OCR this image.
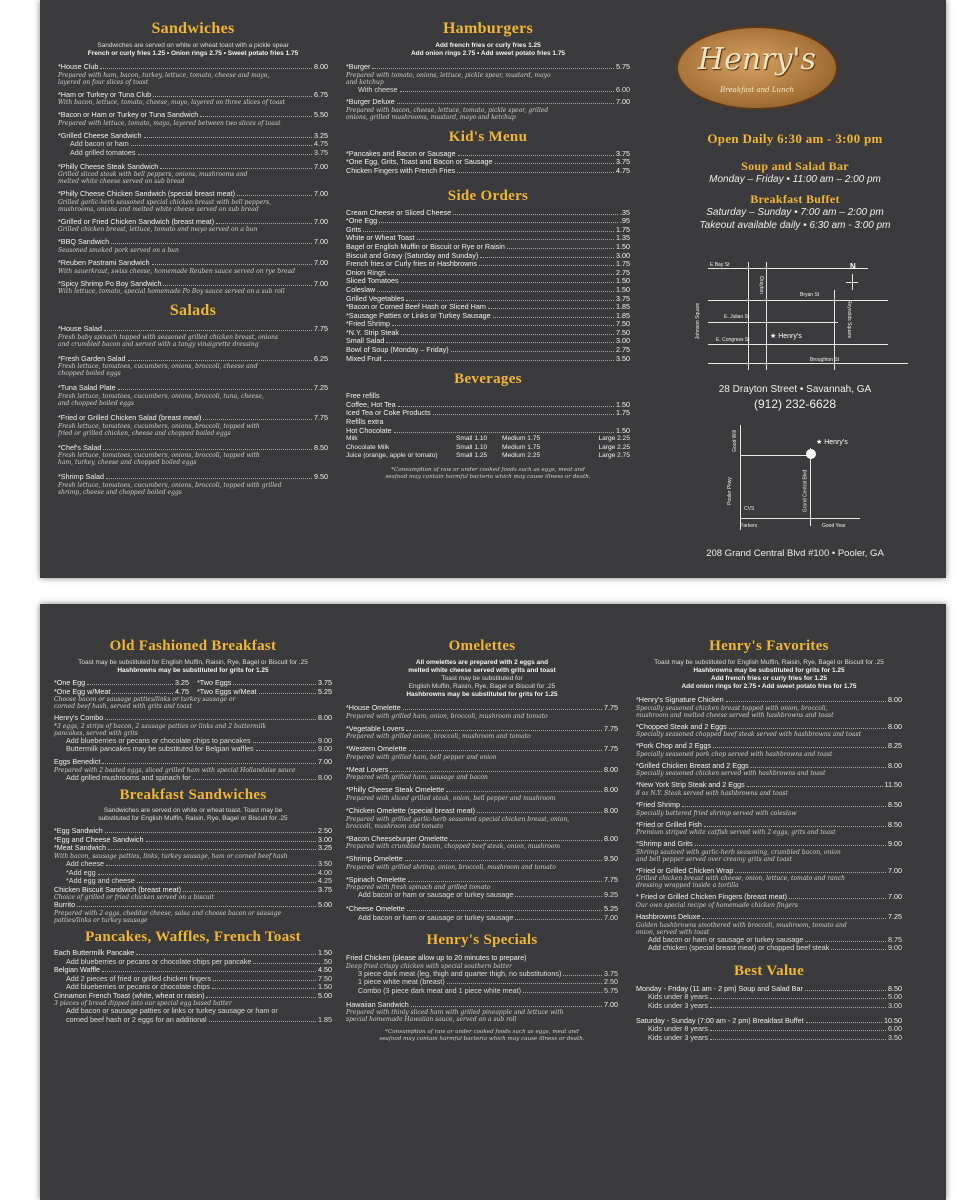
Sandwiches
Sandwiches are served on white or wheat toast with a pickle spear
French or curly fries 1.25 • Onion rings 2.75 • Sweet potato fries 1.75
*House Club	8.00
Prepared with ham, bacon, turkey, lettuce, tomato, cheese and mayo,
layered on four slices of toast
*Ham or Turkey or Tuna Club	6.75
With bacon, lettuce, tomato, cheese, mayo, layered on three slices of toast
*Bacon or Ham or Turkey or Tuna Sandwich	5.50
Prepared with lettuce, tomato, mayo, layered between two slices of toast
*Grilled Cheese Sandwich	3.25
Add bacon or ham	4.75
Add grilled tomatoes	3.75
*Philly Cheese Steak Sandwich	7.00
Grilled sliced steak with bell peppers, onions, mushrooms and
melted white cheese served on sub bread
*Philly Cheese Chicken Sandwich (special breast meat)	7.00
Grilled garlic-herb seasoned special chicken breast with bell peppers,
mushrooms, onions and melted white cheese served on sub bread
*Grilled or Fried Chicken Sandwich (breast meat)	7.00
Grilled chicken breast, lettuce, tomato and mayo served on a bun
*BBQ Sandwich	7.00
Seasoned smoked pork served on a bun
*Reuben Pastrami Sandwich	7.00
With sauerkraut, swiss cheese, homemade Reuben sauce served on rye bread
*Spicy Shrimp Po Boy Sandwich	7.00
With lettuce, tomato, special homemade Po Boy sauce served on a sub roll
Salads
*House Salad	7.75
Fresh baby spinach topped with seasoned grilled chicken breast, onions
and crumbled bacon and served with a tangy vinaigrette dressing
*Fresh Garden Salad	6.25
Fresh lettuce, tomatoes, cucumbers, onions, broccoli, cheese and
chopped boiled eggs
*Tuna Salad Plate	7.25
Fresh lettuce, tomatoes, cucumbers, onions, broccoli, tuna, cheese,
and chopped boiled eggs
*Fried or Grilled Chicken Salad (breast meat)	7.75
Fresh lettuce, tomatoes, cucumbers, onions, broccoli, topped with
fried or grilled chicken, cheese and chopped boiled eggs
*Chef's Salad	8.50
Fresh lettuce, tomatoes, cucumbers, onions, broccoli, topped with
ham, turkey, cheese and chopped boiled eggs
*Shrimp Salad	9.50
Fresh lettuce, tomatoes, cucumbers, onions, broccoli, topped with grilled
shrimp, cheese and chopped boiled eggs
Hamburgers
Add french fries or curly fries 1.25
Add onion rings 2.75 • Add sweet potato fries 1.75
*Burger	5.75
Prepared with tomato, onions, lettuce, pickle spear, mustard, mayo
and ketchup
With cheese	6.00
*Burger Deluxe	7.00
Prepared with bacon, cheese, lettuce, tomato, pickle spear, grilled
onions, grilled mushrooms, mustard, mayo and ketchup
Kid's Menu
*Pancakes and Bacon or Sausage	3.75
*One Egg, Grits, Toast and Bacon or Sausage	3.75
Chicken Fingers with French Fries	4.75
Side Orders
Cream Cheese or Sliced Cheese	.35
*One Egg	.95
Grits	1.75
White or Wheat Toast	1.35
Bagel or English Muffin or Biscuit or Rye or Raisin	1.50
Biscuit and Gravy (Saturday and Sunday)	3.00
French fries or Curly fries or Hashbrowns	1.75
Onion Rings	2.75
Sliced Tomatoes	1.50
Coleslaw	1.50
Grilled Vegetables	3.75
*Bacon or Corned Beef Hash or Sliced Ham	1.85
*Sausage Patties or Links or Turkey Sausage	1.85
*Fried Shrimp	7.50
*N.Y. Strip Steak	7.50
Small Salad	3.00
Bowl of Soup (Monday – Friday)	2.75
Mixed Fruit	3.50
Beverages
Free refills
Coffee, Hot Tea	1.50
Iced Tea or Coke Products	1.75
Refills extra
Hot Chocolate	1.50
Milk	Small 1.10	Medium 1.75	Large 2.25
Chocolate Milk	Small 1.10	Medium 1.75	Large 2.25
Juice (orange, apple or tomato)	Small 1.25	Medium 2.25	Large 2.75
*Consumption of raw or under cooked foods such as eggs, meat and
seafood may contain harmful bacteria which may cause illness or death.
Henry's
Breakfast and Lunch
Open Daily 6:30 am - 3:00 pm
Soup and Salad Bar
Monday – Friday • 11:00 am – 2:00 pm
Breakfast Buffet
Saturday – Sunday • 7:00 am – 2:00 pm
Takeout available daily • 6:30 am - 3:00 pm
E Bay St
Bryan St
E. Julian St
E. Congress St
Broughton St
Drayton
Johnson Square	Reynolds Square
★ Henry's
N
28 Drayton Street • Savannah, GA
(912) 232-6628
Good Will
Pooler Pkwy	Grand Central Blvd
CVS
Parkers	Good Year
★ Henry's
208 Grand Central Blvd #100 • Pooler, GA
Old Fashioned Breakfast
Toast may be substituted for English Muffin, Raisin, Rye, Bagel or Biscuit for .25
Hashbrowns may be substituted for grits for 1.25
*One Egg	3.25 *Two Eggs	3.75
*One Egg w/Meat	4.75 *Two Eggs w/Meat	5.25
Choose bacon or sausage patties/links or turkey sausage or
corned beef hash, served with grits and toast
Henry's Combo	8.00
*3 eggs, 2 strips of bacon, 2 sausage patties or links and 2 buttermilk
pancakes, served with grits
Add blueberries or pecans or chocolate chips to pancakes	9.00
Buttermilk pancakes may be substituted for Belgian waffles	9.00
Eggs Benedict	7.00
Prepared with 2 basted eggs, sliced grilled ham with special Hollandaise sauce
Add grilled mushrooms and spinach for	8.00
Breakfast Sandwiches
Sandwiches are served on white or wheat toast. Toast may be
substituted for English Muffin, Raisin, Rye, Bagel or Biscuit for .25
*Egg Sandwich	2.50
*Egg and Cheese Sandwich	3.00
*Meat Sandwich	3.25
With bacon, sausage patties, links, turkey sausage, ham or corned beef hash
Add cheese	3.50
*Add egg	4.00
*Add egg and cheese	4.25
Chicken Biscuit Sandwich (breast meat)	3.75
Choice of grilled or fried chicken served on a biscuit
Burrito	5.00
Prepared with 2 eggs, cheddar cheese, salsa and choose bacon or sausage
patties/links or turkey sausage
Pancakes, Waffles, French Toast
Each Buttermilk Pancake	1.50
Add blueberries or pecans or chocolate chips per pancake	.50
Belgian Waffle	4.50
Add 2 pieces of fried or grilled chicken fingers	7.50
Add blueberries or pecans or chocolate chips	1.50
Cinnamon French Toast (white, wheat or raisin)	5.00
3 pieces of bread dipped into our special egg based batter
Add bacon or sausage patties or links or turkey sausage or ham or
corned beef hash or 2 eggs for an additional	1.85
Omelettes
All omelettes are prepared with 2 eggs and
melted white cheese served with grits and toast
Toast may be substituted for
English Muffin, Raisin, Rye, Bagel or Biscuit for .25
Hashbrowns may be substituted for grits for 1.25
*House Omelette	7.75
Prepared with grilled ham, onion, broccoli, mushroom and tomato
*Vegetable Lovers	7.75
Prepared with grilled onion, broccoli, mushroom and tomato
*Western Omelette	7.75
Prepared with grilled ham, bell pepper and onion
*Meat Lovers	8.00
Prepared with grilled ham, sausage and bacon
*Philly Cheese Steak Omelette	8.00
Prepared with sliced grilled steak, onion, bell pepper and mushroom
*Chicken Omelette (special breast meat)	8.00
Prepared with grilled garlic-herb seasoned special chicken breast, onion,
broccoli, mushroom and tomato
*Bacon Cheeseburger Omelette	8.00
Prepared with crumbled bacon, chopped beef steak, onion, mushroom
*Shrimp Omelette	9.50
Prepared with grilled shrimp, onion, broccoli, mushroom and tomato
*Spinach Omelette	7.75
Prepared with fresh spinach and grilled tomato
Add bacon or ham or sausage or turkey sausage	9.25
*Cheese Omelette	5.25
Add bacon or ham or sausage or turkey sausage	7.00
Henry's Specials
Fried Chicken (please allow up to 20 minutes to prepare)
Deep fried crispy chicken with special southern batter
3 piece dark meat (leg, thigh and quarter thigh, no substitutions)	3.75
1 piece white meat (breast)	2.50
Combo (3 piece dark meat and 1 piece white meat)	5.75
Hawaiian Sandwich	7.00
Prepared with thinly sliced ham with grilled pineapple and lettuce with
special homemade Hawaiian sauce, served on a sub roll
*Consumption of raw or under cooked foods such as eggs, meat and
seafood may contain harmful bacteria which may cause illness or death.
Henry's Favorites
Toast may be substituted for English Muffin, Raisin, Rye, Bagel or Biscuit for .25
Hashbrowns may be substituted for grits for 1.25
Add french fries or curly fries for 1.25
Add onion rings for 2.75 • Add sweet potato fries for 1.75
*Henry's Signature Chicken	8.00
Specially seasoned chicken breast topped with onion, broccoli,
mushroom and melted cheese served with hashbrowns and toast
*Chopped Steak and 2 Eggs	8.00
Specially seasoned chopped beef steak served with hashbrowns and toast
*Pork Chop and 2 Eggs	8.25
Specially seasoned pork chop served with hashbrowns and toast
*Grilled Chicken Breast and 2 Eggs	8.00
Specially seasoned chicken served with hashbrowns and toast
*New York Strip Steak and 2 Eggs	11.50
8 oz N.Y. Steak served with hashbrowns and toast
*Fried Shrimp	8.50
Specially battered fried shrimp served with coleslaw
*Fried or Grilled Fish	8.50
Premium striped white catfish served with 2 eggs, grits and toast
*Shrimp and Grits	9.00
Shrimp sauteed with garlic-herb seasoning, crumbled bacon, onion
and bell pepper served over creamy grits and toast
*Fried or Grilled Chicken Wrap	7.00
Grilled chicken breast with cheese, onion, lettuce, tomato and ranch
dressing wrapped inside a tortilla
* Fried or Grilled Chicken Fingers (breast meat)	7.00
Our own special recipe of homemade chicken fingers
Hashbrowns Deluxe	7.25
Golden hashbrowns smothered with broccoli, mushroom, tomato and
onion, served with toast
Add bacon or ham or sausage or turkey sausage	8.75
Add chicken (special breast meat) or chopped beef steak	9.00
Best Value
Monday - Friday (11 am - 2 pm) Soup and Salad Bar	8.50
Kids under 8 years	5.00
Kids under 3 years	3.00
Saturday - Sunday (7:00 am - 2 pm) Breakfast Buffet	10.50
Kids under 8 years	6.00
Kids under 3 years	3.50
